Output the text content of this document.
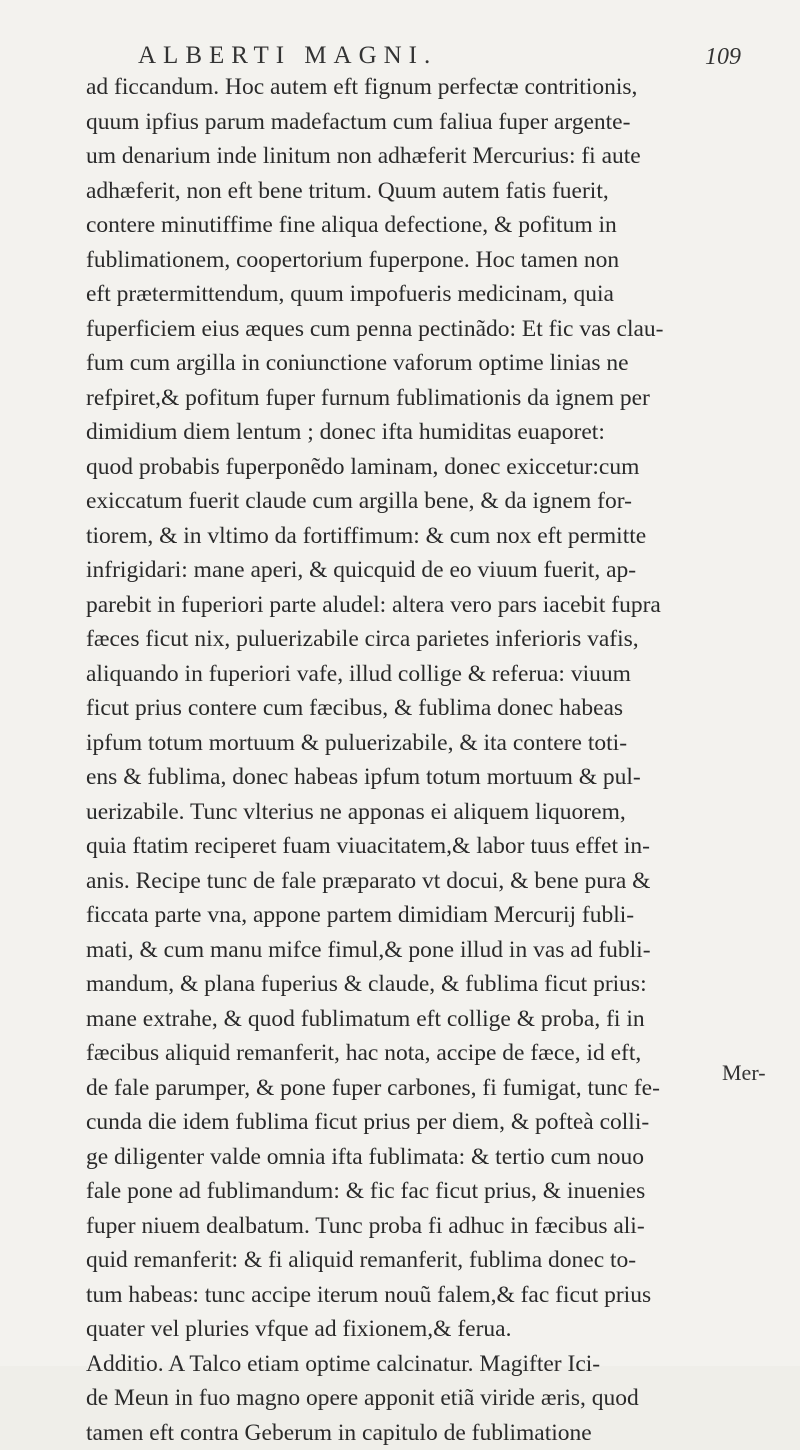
ALBERTI MAGNI.	109
ad ficcandum. Hoc autem eft fignum perfectæ contritionis,
quum ipfius parum madefactum cum faliua fuper argente-
um denarium inde linitum non adhæferit Mercurius: fi aute
adhæferit, non eft bene tritum. Quum autem fatis fuerit,
contere minutiffime fine aliqua defectione, & pofitum in
fublimationem, coopertorium fuperpone. Hoc tamen non
eft prætermittendum, quum impofueris medicinam, quia
fuperficiem eius æques cum penna pectinãdo: Et fic vas clau-
fum cum argilla in coniunctione vaforum optime linias ne
refpiret,& pofitum fuper furnum fublimationis da ignem per
dimidium diem lentum ; donec ifta humiditas euaporet:
quod probabis fuperponẽdo laminam, donec exiccetur:cum
exiccatum fuerit claude cum argilla bene, & da ignem for-
tiorem, & in vltimo da fortiffimum: & cum nox eft permitte
infrigidari: mane aperi, & quicquid de eo viuum fuerit, ap-
parebit in fuperiori parte aludel: altera vero pars iacebit fupra
fæces ficut nix, puluerizabile circa parietes inferioris vafis,
aliquando in fuperiori vafe, illud collige & referua: viuum
ficut prius contere cum fæcibus, & fublima donec habeas
ipfum totum mortuum & puluerizabile, & ita contere toti-
ens & fublima, donec habeas ipfum totum mortuum & pul-
uerizabile. Tunc vlterius ne apponas ei aliquem liquorem,
quia ftatim reciperet fuam viuacitatem,& labor tuus effet in-
anis. Recipe tunc de fale præparato vt docui, & bene pura &
ficcata parte vna, appone partem dimidiam Mercurij fubli-
mati, & cum manu mifce fimul,& pone illud in vas ad fubli-
mandum, & plana fuperius & claude, & fublima ficut prius:
mane extrahe, & quod fublimatum eft collige & proba, fi in
fæcibus aliquid remanferit, hac nota, accipe de fæce, id eft,
de fale parumper, & pone fuper carbones, fi fumigat, tunc fe-
cunda die idem fublima ficut prius per diem, & pofteà colli-
ge diligenter valde omnia ifta fublimata: & tertio cum nouo
fale pone ad fublimandum: & fic fac ficut prius, & inuenies
fuper niuem dealbatum. Tunc proba fi adhuc in fæcibus ali-
quid remanferit: & fi aliquid remanferit, fublima donec to-
tum habeas: tunc accipe iterum nouũ falem,& fac ficut prius
quater vel pluries vfque ad fixionem,& ferua.
Additio. A Talco etiam optime calcinatur. Magifter Ici-
de Meun in fuo magno opere apponit etiã viride æris, quod
tamen eft contra Geberum in capitulo de fublimatione
Mer-
